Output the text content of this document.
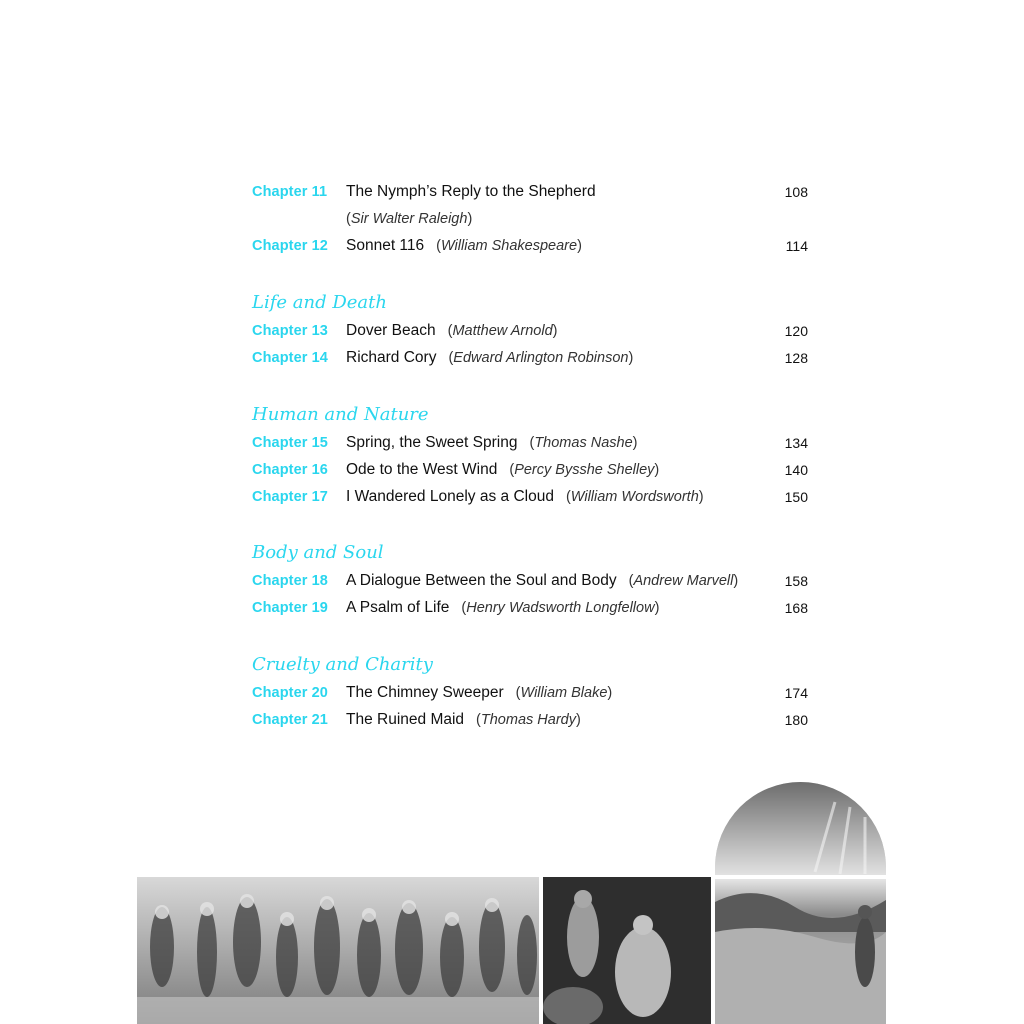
Chapter 11	The Nymph’s Reply to the Shepherd	108
(Sir Walter Raleigh)
Chapter 12	Sonnet 116 (William Shakespeare)	114
Life and Death
Chapter 13	Dover Beach (Matthew Arnold)	120
Chapter 14	Richard Cory (Edward Arlington Robinson)	128
Human and Nature
Chapter 15	Spring, the Sweet Spring (Thomas Nashe)	134
Chapter 16	Ode to the West Wind (Percy Bysshe Shelley)	140
Chapter 17	I Wandered Lonely as a Cloud (William Wordsworth)	150
Body and Soul
Chapter 18	A Dialogue Between the Soul and Body (Andrew Marvell)	158
Chapter 19	A Psalm of Life (Henry Wadsworth Longfellow)	168
Cruelty and Charity
Chapter 20	The Chimney Sweeper (William Blake)	174
Chapter 21	The Ruined Maid (Thomas Hardy)	180
